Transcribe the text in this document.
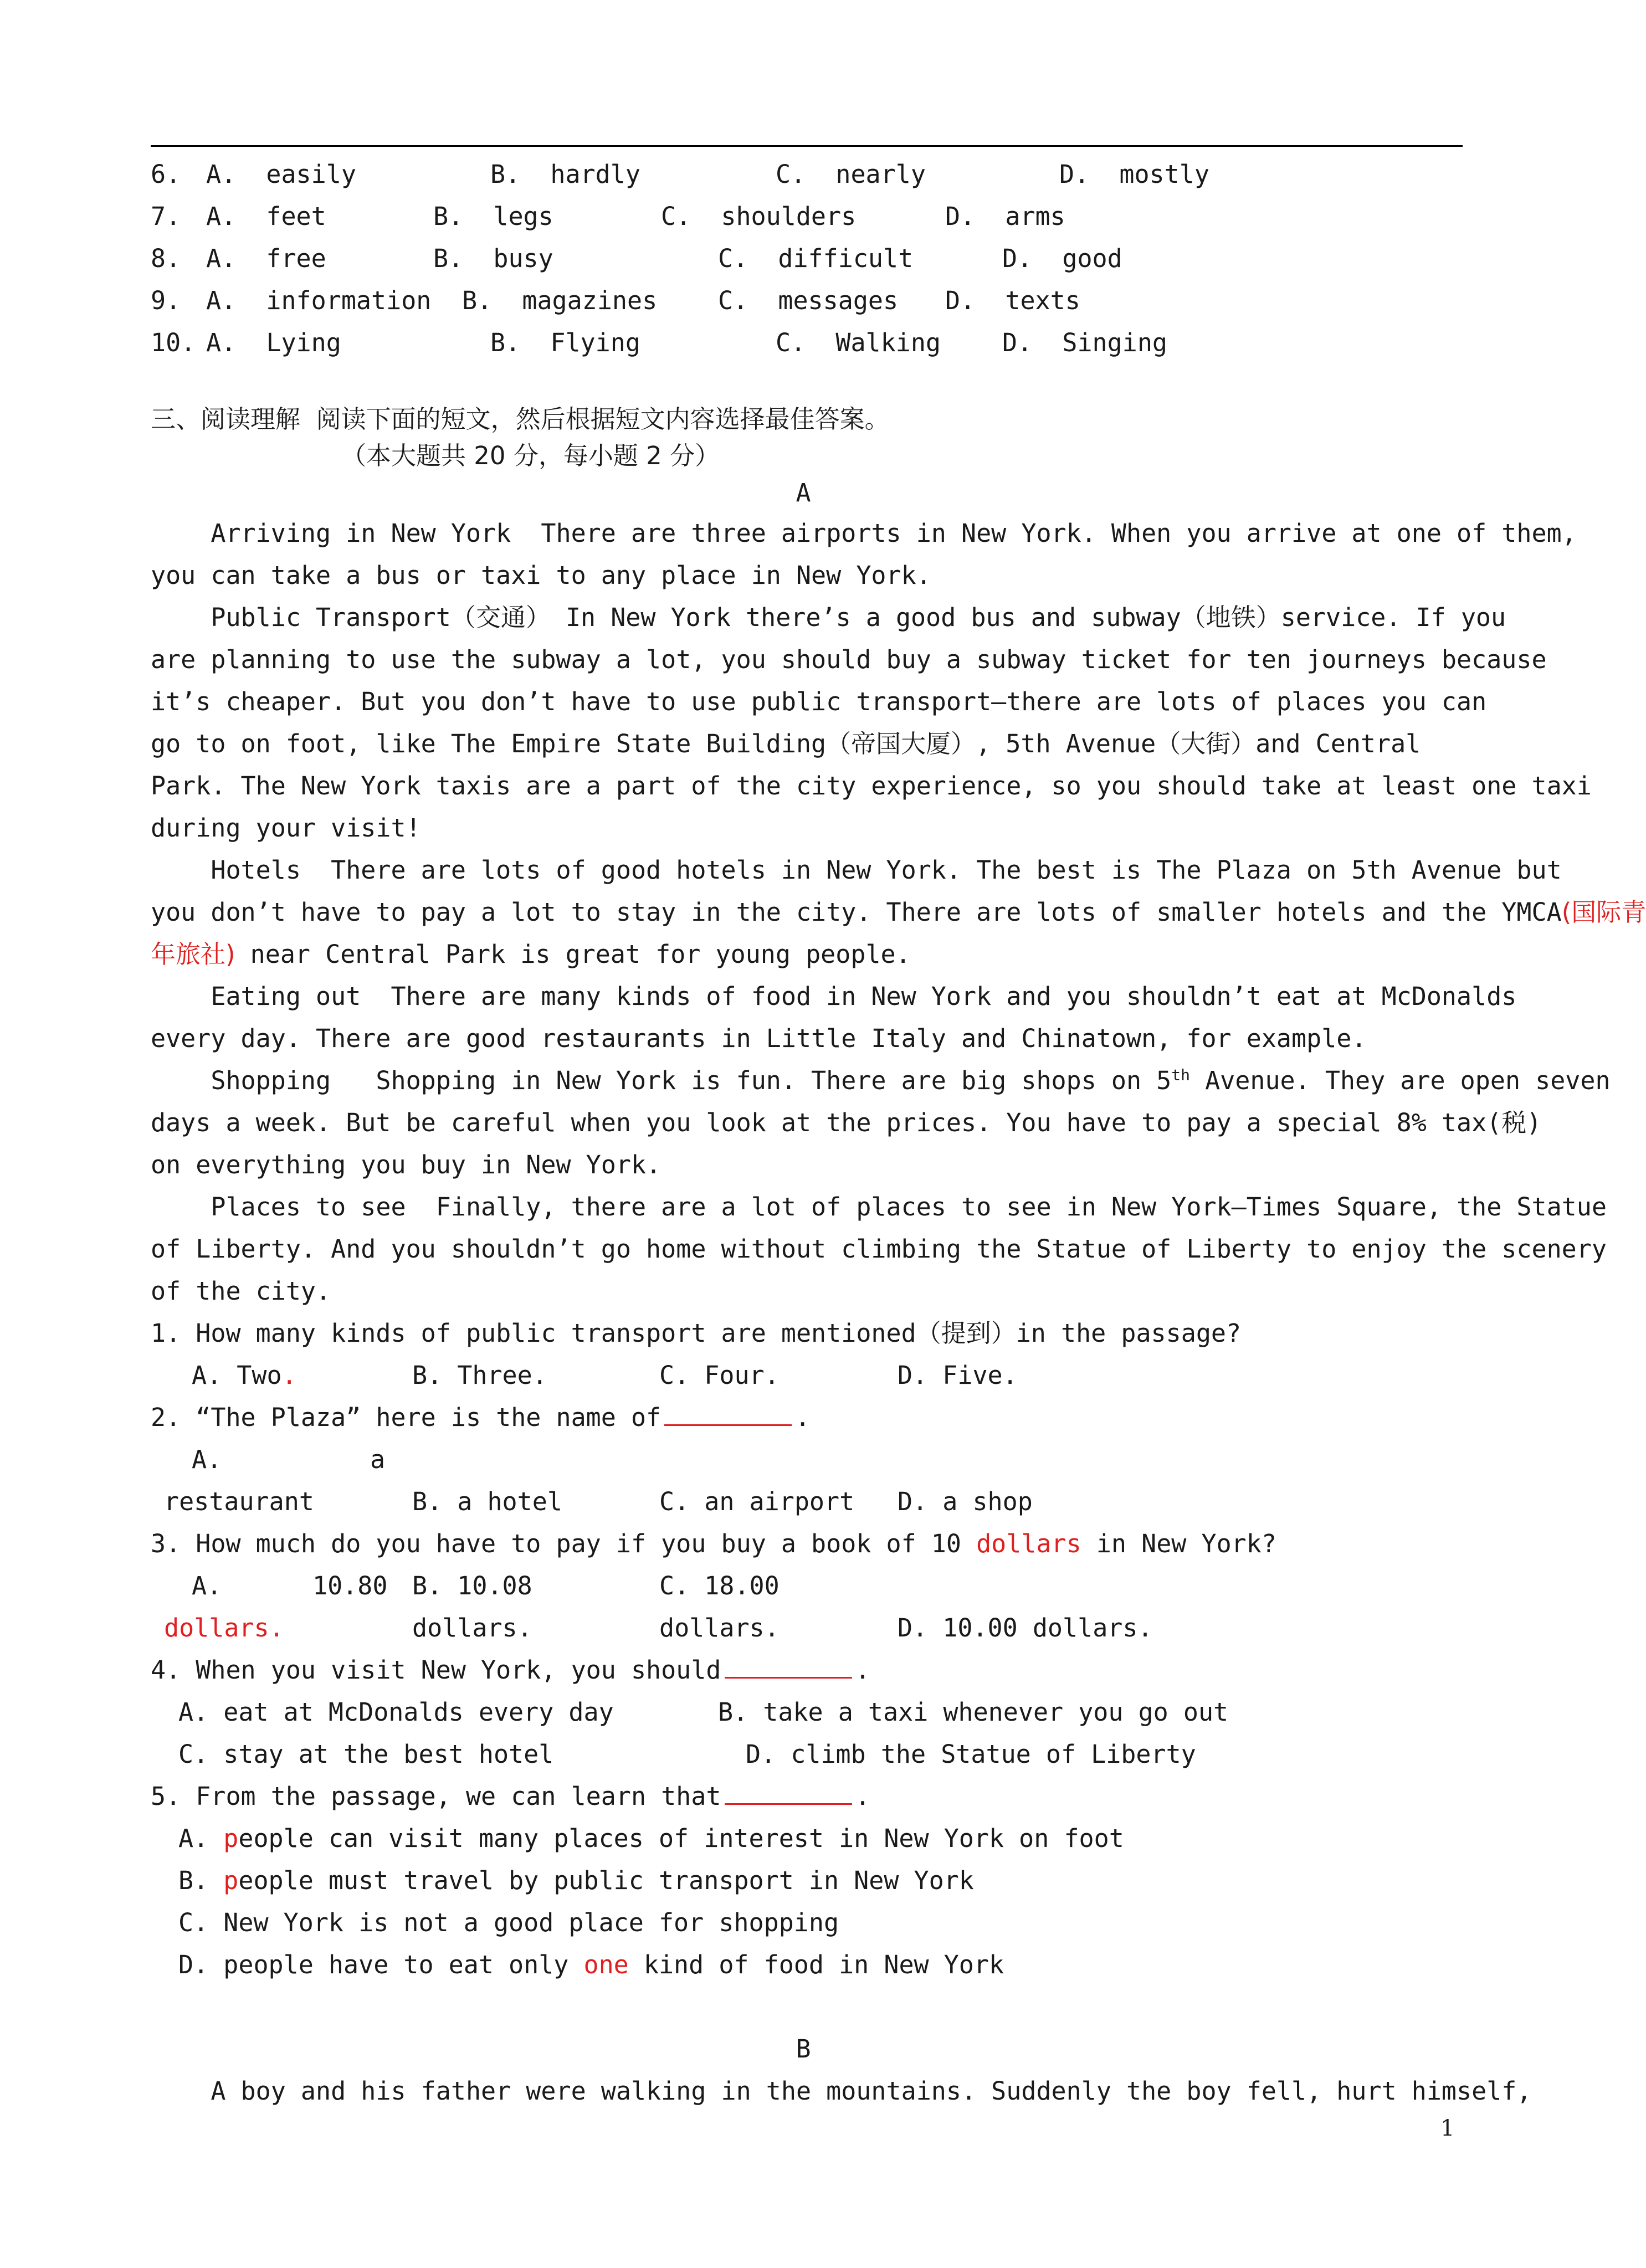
6. A.  easily	B.  hardly	C.  nearly	D.  mostly
7. A.  feet	B.  legs	C.  shoulders	D.  arms
8. A.  free	B.  busy	C.  difficult	D.  good
9. A.  information B.  magazines C.  messages D.  texts
10. A.  Lying	B.  Flying	C.  Walking D.  Singing
三、阅读理解  阅读下面的短文，然后根据短文内容选择最佳答案。
（本大题共 20 分，每小题 2 分）
A
Arriving in New York  There are three airports in New York. When you arrive at one of them,
you can take a bus or taxi to any place in New York.
Public Transport（交通） In New York there’s a good bus and subway（地铁）service. If you
are planning to use the subway a lot, you should buy a subway ticket for ten journeys because
it’s cheaper. But you don’t have to use public transport—there are lots of places you can
go to on foot, like The Empire State Building（帝国大厦）, 5th Avenue（大街）and Central
Park. The New York taxis are a part of the city experience, so you should take at least one taxi
during your visit!
Hotels  There are lots of good hotels in New York. The best is The Plaza on 5th Avenue but
you don’t have to pay a lot to stay in the city. There are lots of smaller hotels and the YMCA(国际青
年旅社) near Central Park is great for young people.
Eating out  There are many kinds of food in New York and you shouldn’t eat at McDonalds
every day. There are good restaurants in Little Italy and Chinatown, for example.
Shopping   Shopping in New York is fun. There are big shops on 5th Avenue. They are open seven
days a week. But be careful when you look at the prices. You have to pay a special 8% tax(税)
on everything you buy in New York.
Places to see  Finally, there are a lot of places to see in New York—Times Square, the Statue
of Liberty. And you shouldn’t go home without climbing the Statue of Liberty to enjoy the scenery
of the city.
1. How many kinds of public transport are mentioned（提到）in the passage?
A. Two.	B. Three.	C. Four.	D. Five.
2. “The Plaza” here is the name of	.
A.	a
restaurant	B. a hotel	C. an airport D. a shop
3. How much do you have to pay if you buy a book of 10 dollars in New York?
A.	10.80 B. 10.08	C. 18.00
dollars.	dollars.	dollars.	D. 10.00 dollars.
4. When you visit New York, you should	.
A. eat at McDonalds every day	B. take a taxi whenever you go out
C. stay at the best hotel	D. climb the Statue of Liberty
5. From the passage, we can learn that	.
A. people can visit many places of interest in New York on foot
B. people must travel by public transport in New York
C. New York is not a good place for shopping
D. people have to eat only one kind of food in New York
B
A boy and his father were walking in the mountains. Suddenly the boy fell, hurt himself,
1
